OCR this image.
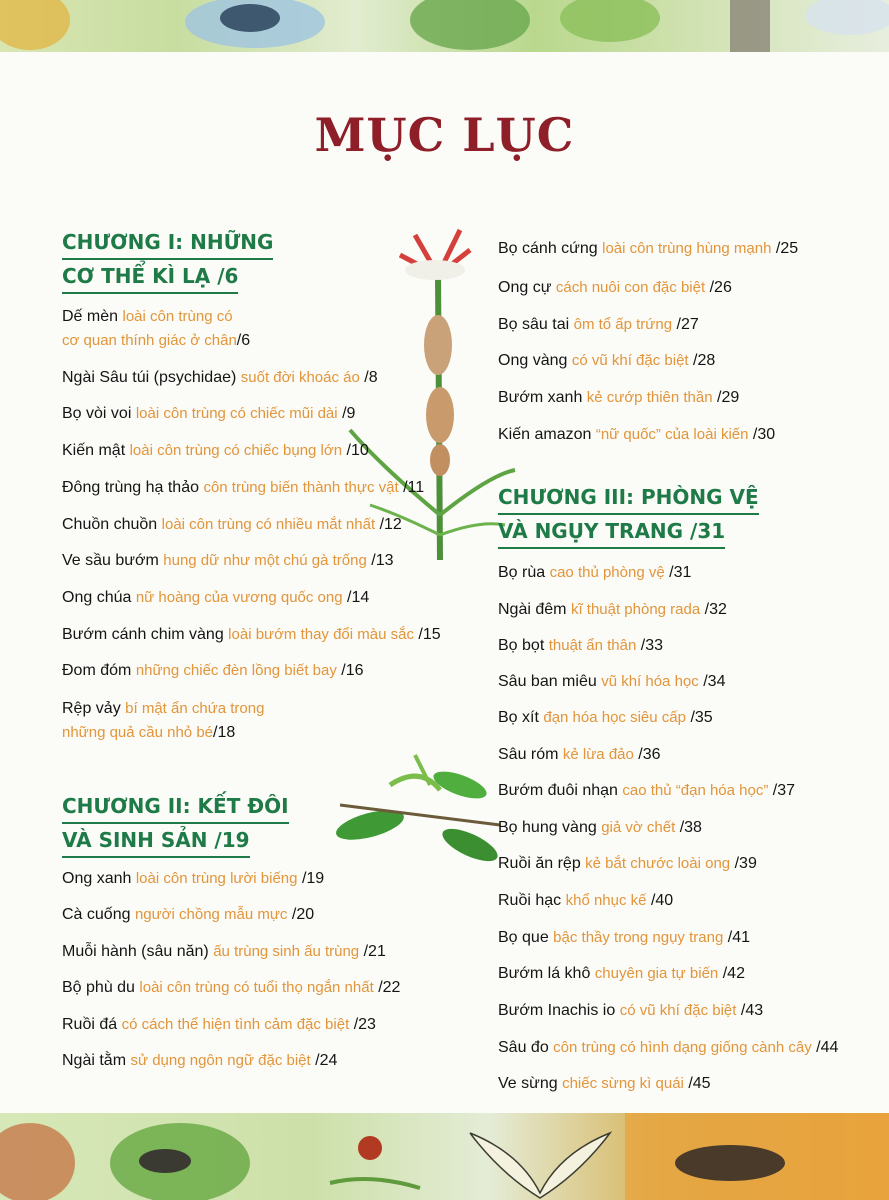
MỤC LỤC
CHƯƠNG I: NHỮNG
CƠ THỂ KÌ LẠ /6
Dế mèn loài côn trùng có
cơ quan thính giác ở chân/6
Ngài Sâu túi (psychidae) suốt đời khoác áo /8
Bọ vòi voi loài côn trùng có chiếc mũi dài /9
Kiến mật loài côn trùng có chiếc bụng lớn /10
Đông trùng hạ thảo côn trùng biến thành thực vật /11
Chuồn chuồn loài côn trùng có nhiều mắt nhất /12
Ve sầu bướm hung dữ như một chú gà trống /13
Ong chúa nữ hoàng của vương quốc ong /14
Bướm cánh chim vàng loài bướm thay đổi màu sắc /15
Đom đóm những chiếc đèn lồng biết bay /16
Rệp vảy bí mật ẩn chứa trong
những quả cầu nhỏ bé/18
CHƯƠNG II: KẾT ĐÔI
VÀ SINH SẢN /19
Ong xanh loài côn trùng lười biếng /19
Cà cuống người chồng mẫu mực /20
Muỗi hành (sâu năn) ấu trùng sinh ấu trùng /21
Bộ phù du loài côn trùng có tuổi thọ ngắn nhất /22
Ruồi đá có cách thể hiện tình cảm đặc biệt /23
Ngài tằm sử dụng ngôn ngữ đặc biệt /24
Bọ cánh cứng loài côn trùng hùng mạnh /25
Ong cự cách nuôi con đặc biệt /26
Bọ sâu tai ôm tổ ấp trứng /27
Ong vàng có vũ khí đặc biệt /28
Bướm xanh kẻ cướp thiên thần /29
Kiến amazon “nữ quốc” của loài kiến /30
CHƯƠNG III: PHÒNG VỆ
VÀ NGỤY TRANG /31
Bọ rùa cao thủ phòng vệ /31
Ngài đêm kĩ thuật phòng rada /32
Bọ bọt thuật ẩn thân /33
Sâu ban miêu vũ khí hóa học /34
Bọ xít đạn hóa học siêu cấp /35
Sâu róm kẻ lừa đảo /36
Bướm đuôi nhạn cao thủ “đạn hóa học” /37
Bọ hung vàng giả vờ chết /38
Ruồi ăn rệp kẻ bắt chước loài ong /39
Ruồi hạc khổ nhục kế /40
Bọ que bậc thầy trong ngụy trang /41
Bướm lá khô chuyên gia tự biến /42
Bướm Inachis io có vũ khí đặc biệt /43
Sâu đo côn trùng có hình dạng giống cành cây /44
Ve sừng chiếc sừng kì quái /45
